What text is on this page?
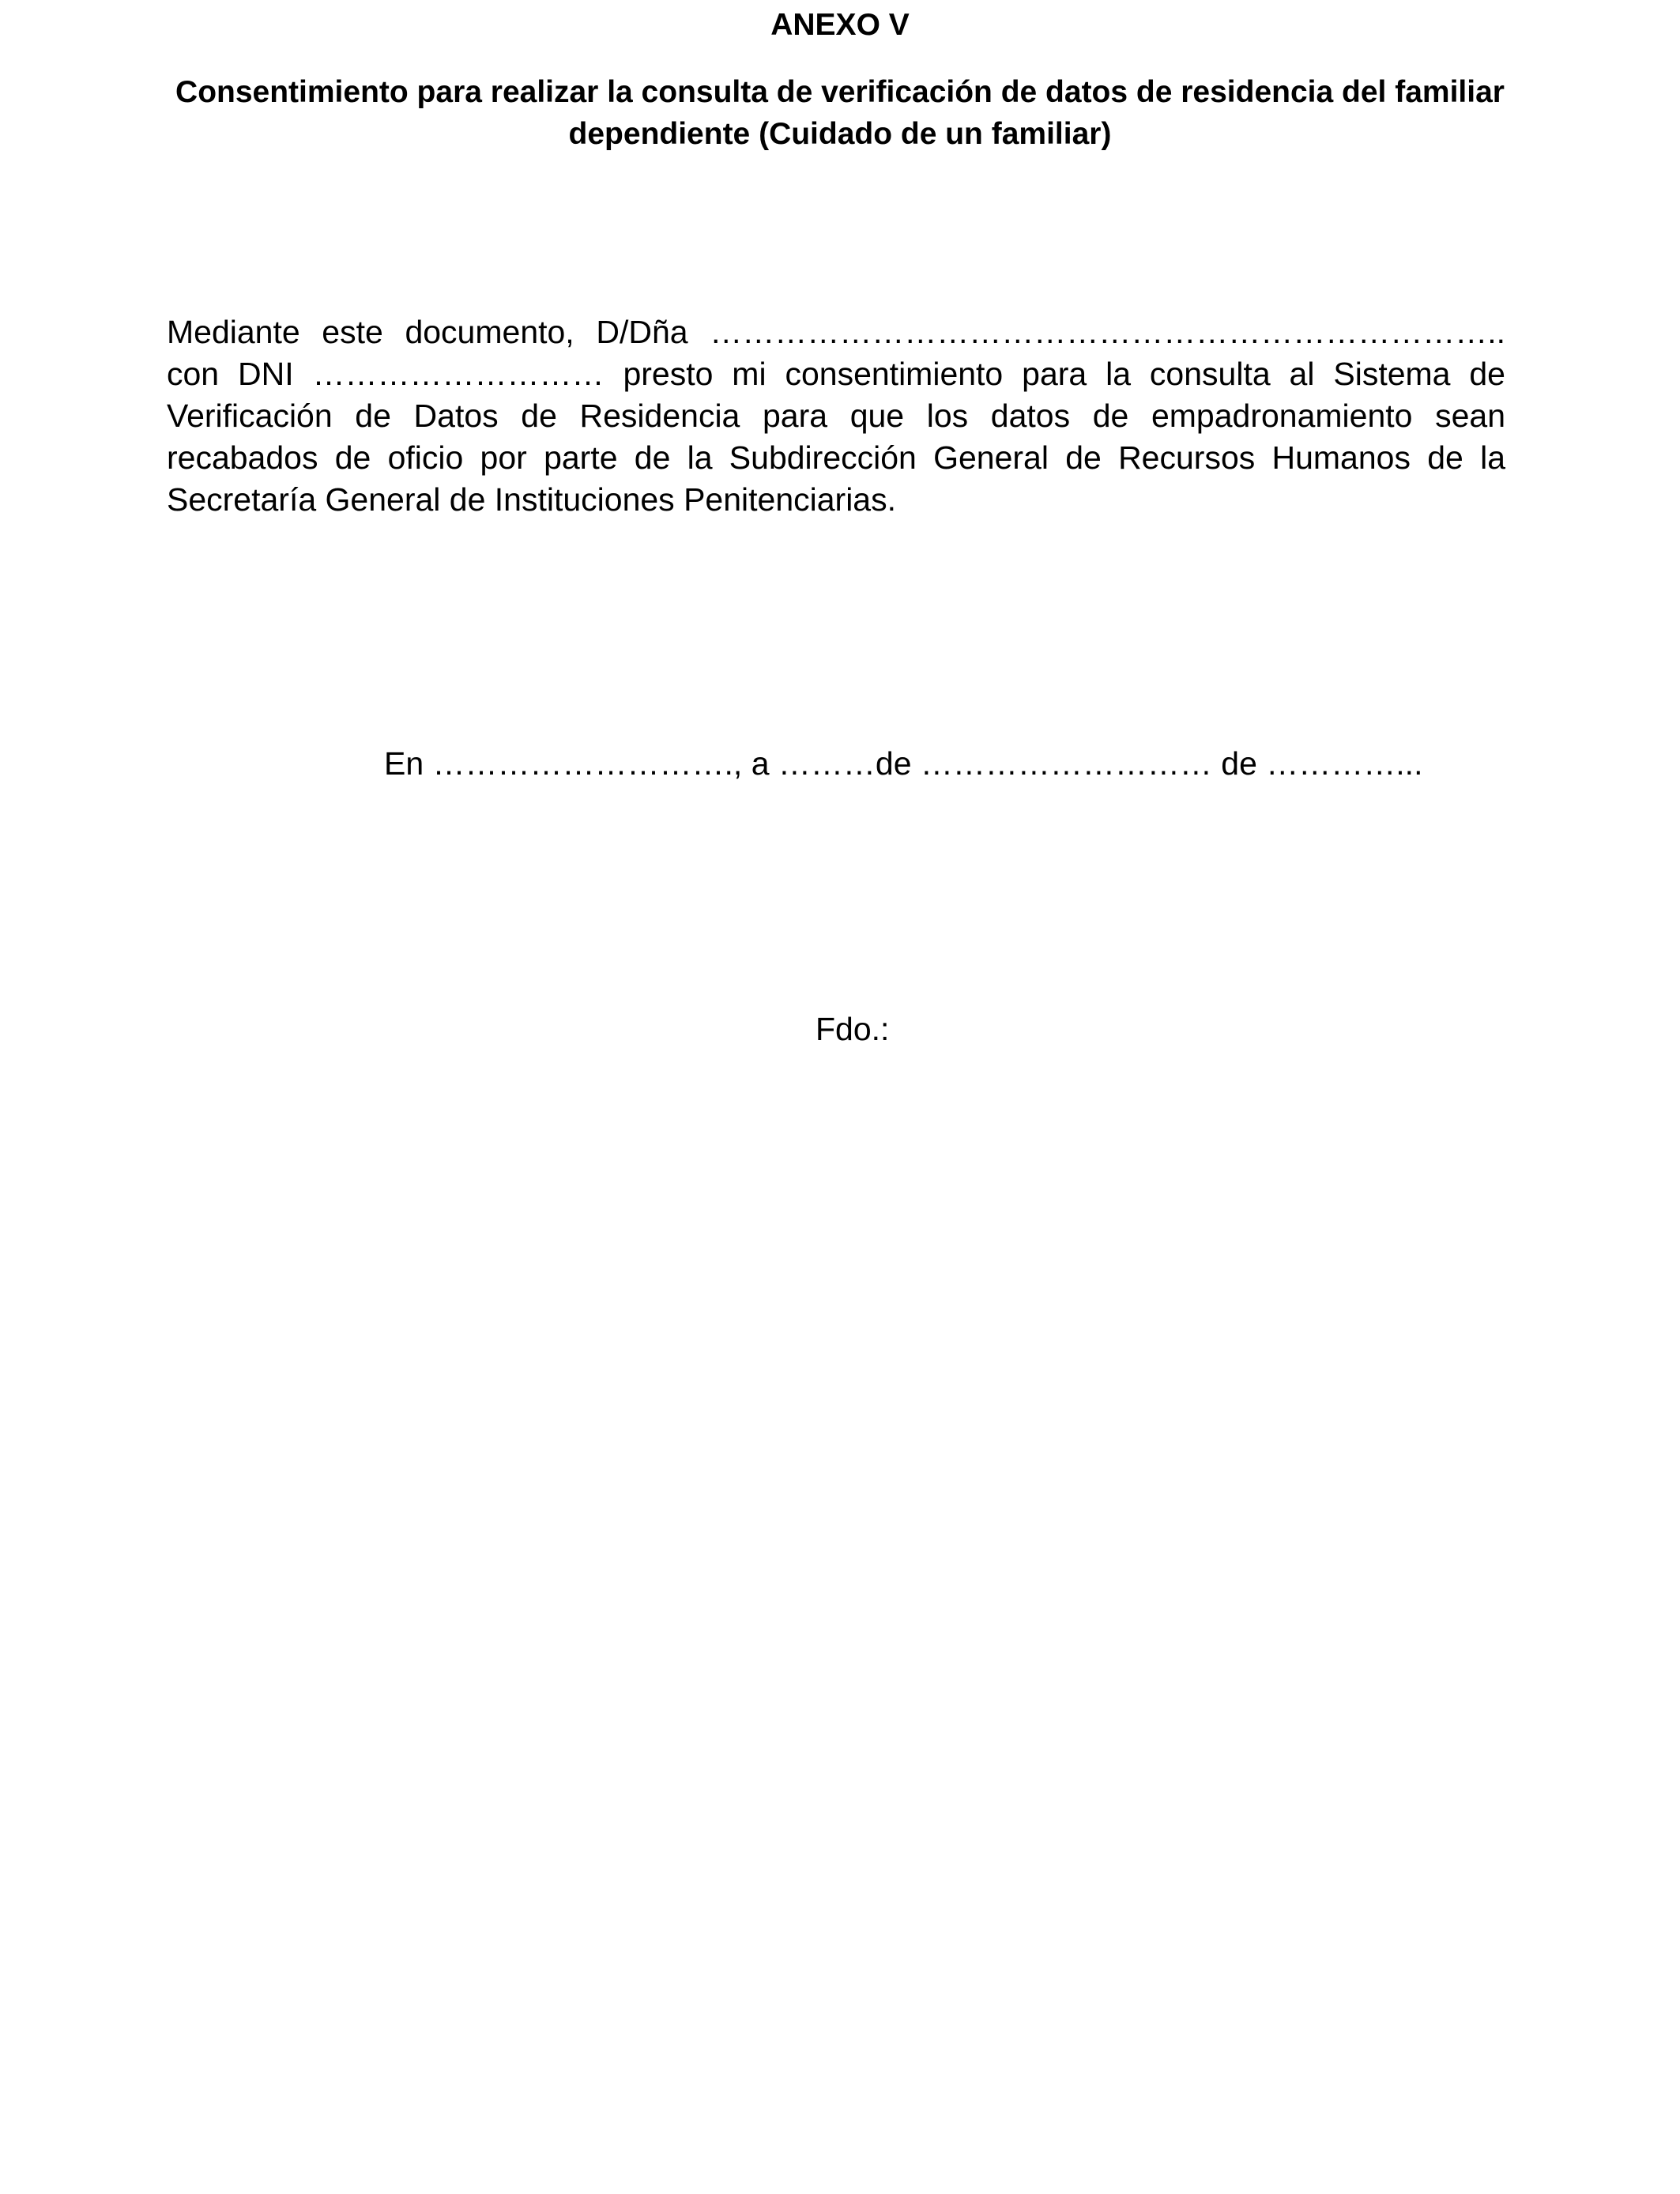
ANEXO V
Consentimiento para realizar la consulta de verificación de datos de residencia del familiar dependiente (Cuidado de un familiar)
Mediante este documento, D/Dña ………………………………………………………………..
con DNI ……………………… presto mi consentimiento para la consulta al Sistema de
Verificación de Datos de Residencia para que los datos de empadronamiento sean
recabados de oficio por parte de la Subdirección General de Recursos Humanos de la
Secretaría General de Instituciones Penitenciarias.

En ………………………., a ………de ……………………… de …………...

Fdo.:
